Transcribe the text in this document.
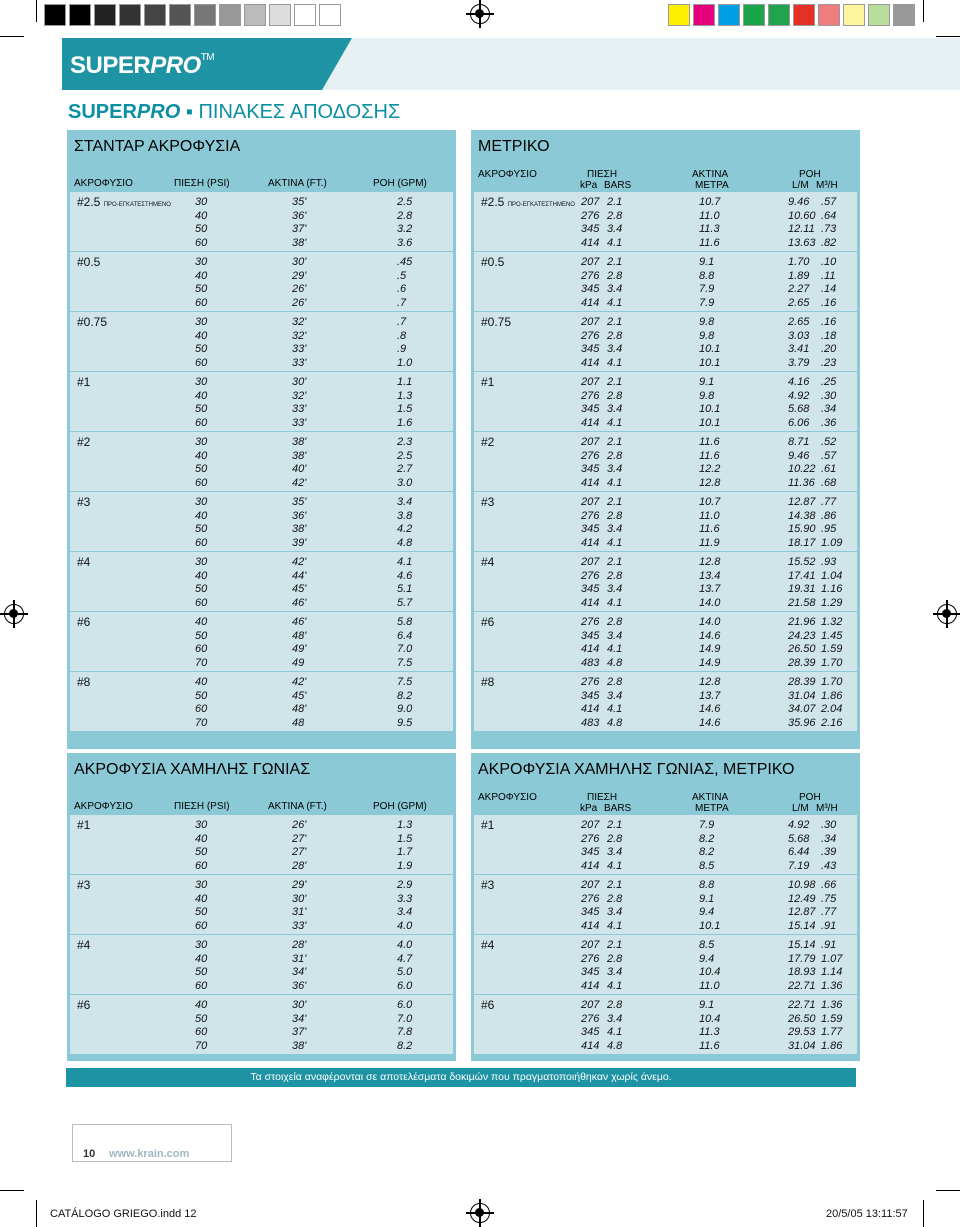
SUPERPRO™
SUPERPRO ▪ ΠΙΝΑΚΕΣ ΑΠΟΔΟΣΗΣ
ΣΤΑΝΤΑΡ ΑΚΡΟΦΥΣΙΑ
ΑΚΡΟΦΥΣΙΟ	ΠΙΕΣΗ (PSI)	ΑΚΤΙΝΑ (FT.)	ΡΟΗ (GPM)
#2.5 ΠΡΟ-ΕΓΚΑΤΕΣΤΗΜΕΝΟ 30	35'	2.5
40	36'	2.8
50	37'	3.2
60	38'	3.6
#0.5	30	30'	.45
40	29'	.5
50	26'	.6
60	26'	.7
#0.75	30	32'	.7
40	32'	.8
50	33'	.9
60	33'	1.0
#1	30	30'	1.1
40	32'	1.3
50	33'	1.5
60	33'	1.6
#2	30	38'	2.3
40	38'	2.5
50	40'	2.7
60	42'	3.0
#3	30	35'	3.4
40	36'	3.8
50	38'	4.2
60	39'	4.8
#4	30	42'	4.1
40	44'	4.6
50	45'	5.1
60	46'	5.7
#6	40	46'	5.8
50	48'	6.4
60	49'	7.0
70	49	7.5
#8	40	42'	7.5
50	45'	8.2
60	48'	9.0
70	48	9.5
ΜΕΤΡΙΚΟ
ΑΚΡΟΦΥΣΙΟ	ΠΙΕΣΗ	ΑΚΤΙΝΑ	ΡΟΗ
kPa BARS	ΜΕΤΡΑ	L/M M³/H
#2.5 ΠΡΟ-ΕΓΚΑΤΕΣΤΗΜΕΝΟ 207 2.1	10.7	9.46 .57
276 2.8	11.0	10.60 .64
345 3.4	11.3	12.11 .73
414 4.1	11.6	13.63 .82
#0.5	207 2.1	9.1	1.70 .10
276 2.8	8.8	1.89 .11
345 3.4	7.9	2.27 .14
414 4.1	7.9	2.65 .16
#0.75	207 2.1	9.8	2.65 .16
276 2.8	9.8	3.03 .18
345 3.4	10.1	3.41 .20
414 4.1	10.1	3.79 .23
#1	207 2.1	9.1	4.16 .25
276 2.8	9.8	4.92 .30
345 3.4	10.1	5.68 .34
414 4.1	10.1	6.06 .36
#2	207 2.1	11.6	8.71 .52
276 2.8	11.6	9.46 .57
345 3.4	12.2	10.22 .61
414 4.1	12.8	11.36 .68
#3	207 2.1	10.7	12.87 .77
276 2.8	11.0	14.38 .86
345 3.4	11.6	15.90 .95
414 4.1	11.9	18.17 1.09
#4	207 2.1	12.8	15.52 .93
276 2.8	13.4	17.41 1.04
345 3.4	13.7	19.31 1.16
414 4.1	14.0	21.58 1.29
#6	276 2.8	14.0	21.96 1.32
345 3.4	14.6	24.23 1.45
414 4.1	14.9	26.50 1.59
483 4.8	14.9	28.39 1.70
#8	276 2.8	12.8	28.39 1.70
345 3.4	13.7	31.04 1.86
414 4.1	14.6	34.07 2.04
483 4.8	14.6	35.96 2.16
ΑΚΡΟΦΥΣΙΑ ΧΑΜΗΛΗΣ ΓΩΝΙΑΣ
ΑΚΡΟΦΥΣΙΟ	ΠΙΕΣΗ (PSI)	ΑΚΤΙΝΑ (FT.)	ΡΟΗ (GPM)
#1	30	26'	1.3
40	27'	1.5
50	27'	1.7
60	28'	1.9
#3	30	29'	2.9
40	30'	3.3
50	31'	3.4
60	33'	4.0
#4	30	28'	4.0
40	31'	4.7
50	34'	5.0
60	36'	6.0
#6	40	30'	6.0
50	34'	7.0
60	37'	7.8
70	38'	8.2
ΑΚΡΟΦΥΣΙΑ ΧΑΜΗΛΗΣ ΓΩΝΙΑΣ, ΜΕΤΡΙΚΟ
ΑΚΡΟΦΥΣΙΟ	ΠΙΕΣΗ	ΑΚΤΙΝΑ	ΡΟΗ
kPa BARS	ΜΕΤΡΑ	L/M M³/H
#1	207 2.1	7.9	4.92 .30
276 2.8	8.2	5.68 .34
345 3.4	8.2	6.44 .39
414 4.1	8.5	7.19 .43
#3	207 2.1	8.8	10.98 .66
276 2.8	9.1	12.49 .75
345 3.4	9.4	12.87 .77
414 4.1	10.1	15.14 .91
#4	207 2.1	8.5	15.14 .91
276 2.8	9.4	17.79 1.07
345 3.4	10.4	18.93 1.14
414 4.1	11.0	22.71 1.36
#6	207 2.8	9.1	22.71 1.36
276 3.4	10.4	26.50 1.59
345 4.1	11.3	29.53 1.77
414 4.8	11.6	31.04 1.86
Τα στοιχεία αναφέρονται σε αποτελέσματα δοκιμών που πραγματοποιήθηκαν χωρίς άνεμο.
10 www.krain.com
CATÁLOGO GRIEGO.indd 12	20/5/05 13:11:57
